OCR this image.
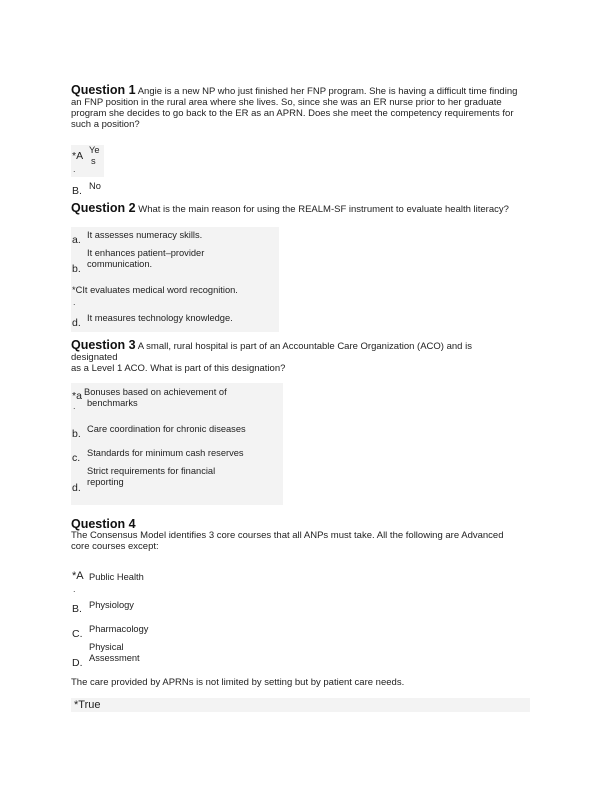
Question 1 Angie is a new NP who just finished her FNP program. She is having a difficult time finding
an FNP position in the rural area where she lives. So, since she was an ER nurse prior to her graduate
program she decides to go back to the ER as an APRN. Does she meet the competency requirements for
such a position?
*A Ye
s
.
B. No
Question 2 What is the main reason for using the REALM-SF instrument to evaluate health literacy?
a. It assesses numeracy skills.
b.
It enhances patient–provider
communication.
*CIt evaluates medical word recognition.
.
d. It measures technology knowledge.
Question 3 A small, rural hospital is part of an Accountable Care Organization (ACO) and is
designated
as a Level 1 ACO. What is part of this designation?
*a Bonuses based on achievement of
benchmarks
.
b. Care coordination for chronic diseases
c. Standards for minimum cash reserves
d.
Strict requirements for financial
reporting
Question 4
The Consensus Model identifies 3 core courses that all ANPs must take. All the following are Advanced
core courses except:
*A Public Health
.
B. Physiology
C. Pharmacology
D.
Physical
Assessment
The care provided by APRNs is not limited by setting but by patient care needs.
*True
